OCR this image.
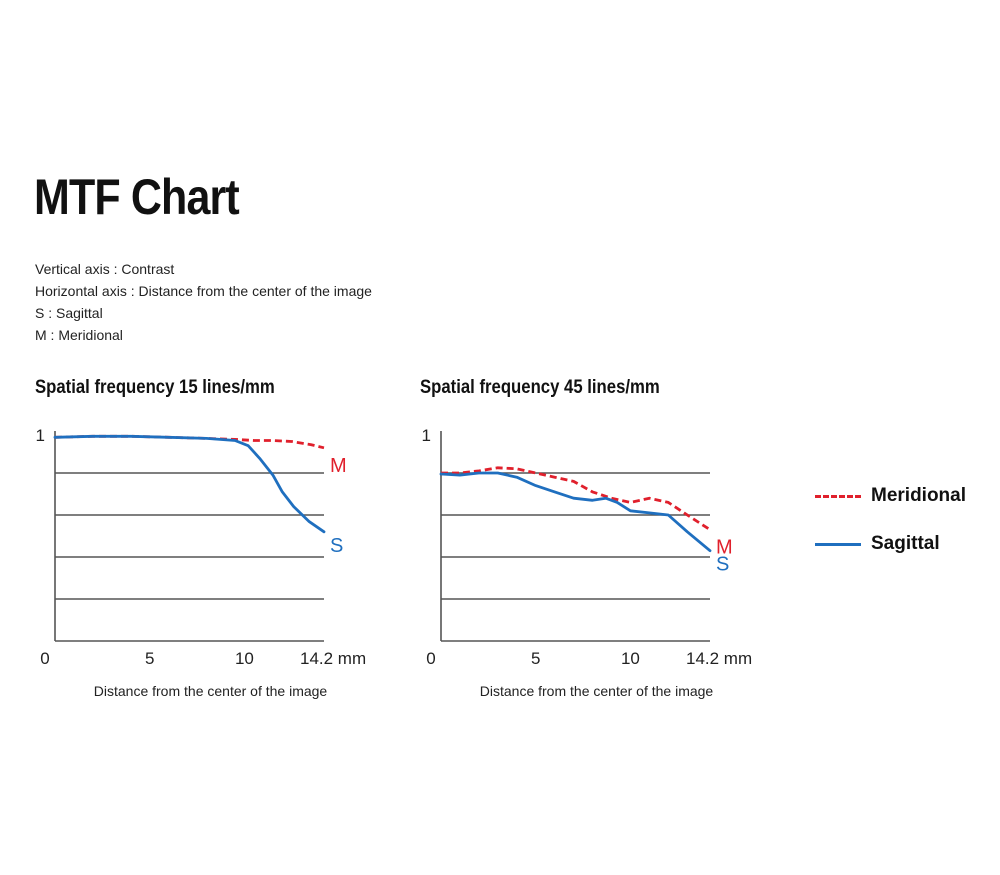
MTF Chart
Vertical axis : Contrast
Horizontal axis : Distance from the center of the image
S : Sagittal
M : Meridional
Spatial frequency 15 lines/mm	Spatial frequency 45 lines/mm
1
0	5	10	14.2 mm
Distance from the center of the image
M
S
1
0	5	10	14.2 mm
Distance from the center of the image
M
S
Meridional
Sagittal
